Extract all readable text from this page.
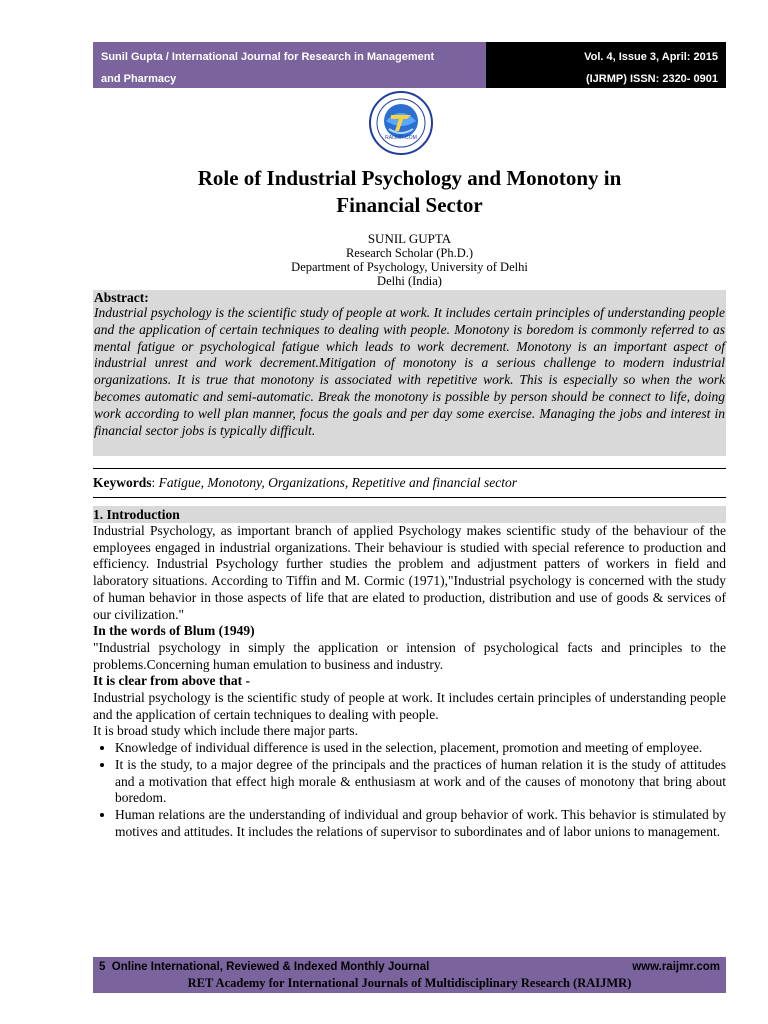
Sunil Gupta / International Journal for Research in Management
and Pharmacy
Vol. 4, Issue 3, April: 2015
(IJRMP) ISSN: 2320- 0901
RAIJMR.COM
Role of Industrial Psychology and Monotony in
Financial Sector
SUNIL GUPTA
Research Scholar (Ph.D.)
Department of Psychology, University of Delhi
Delhi (India)
Abstract:
Industrial psychology is the scientific study of people at work. It includes certain principles of understanding people and the application of certain techniques to dealing with people. Monotony is boredom is commonly referred to as mental fatigue or psychological fatigue which leads to work decrement. Monotony is an important aspect of industrial unrest and work decrement.Mitigation of monotony is a serious challenge to modern industrial organizations. It is true that monotony is associated with repetitive work. This is especially so when the work becomes automatic and semi-automatic. Break the monotony is possible by person should be connect to life, doing work according to well plan manner, focus the goals and per day some exercise. Managing the jobs and interest in financial sector jobs is typically difficult.
Keywords: Fatigue, Monotony, Organizations, Repetitive and financial sector
1. Introduction
Industrial Psychology, as important branch of applied Psychology makes scientific study of the behaviour of the employees engaged in industrial organizations. Their behaviour is studied with special reference to production and efficiency. Industrial Psychology further studies the problem and adjustment patters of workers in field and laboratory situations. According to Tiffin and M. Cormic (1971),"Industrial psychology is concerned with the study of human behavior in those aspects of life that are elated to production, distribution and use of goods & services of our civilization."
In the words of Blum (1949)
"Industrial psychology in simply the application or intension of psychological facts and principles to the problems.Concerning human emulation to business and industry.
It is clear from above that -
Industrial psychology is the scientific study of people at work. It includes certain principles of understanding people and the application of certain techniques to dealing with people.
It is broad study which include there major parts.
• Knowledge of individual difference is used in the selection, placement, promotion and meeting of employee.
• It is the study, to a major degree of the principals and the practices of human relation it is the study of attitudes and a motivation that effect high morale & enthusiasm at work and of the causes of monotony that bring about boredom.
• Human relations are the understanding of individual and group behavior of work. This behavior is stimulated by motives and attitudes. It includes the relations of supervisor to subordinates and of labor unions to management.
5 Online International, Reviewed & Indexed Monthly Journal	www.raijmr.com
RET Academy for International Journals of Multidisciplinary Research (RAIJMR)
